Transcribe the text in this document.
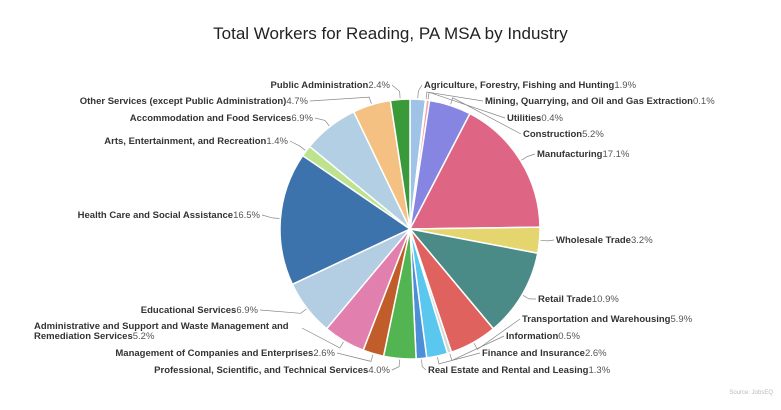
Total Workers for Reading, PA MSA by Industry
Agriculture, Forestry, Fishing and Hunting1.9%
Mining, Quarrying, and Oil and Gas Extraction0.1%
Utilities0.4%
Construction5.2%
Manufacturing17.1%
Wholesale Trade3.2%
Retail Trade10.9%
Transportation and Warehousing5.9%
Information0.5%
Finance and Insurance2.6%
Real Estate and Rental and Leasing1.3%
Professional, Scientific, and Technical Services4.0%
Management of Companies and Enterprises2.6%
Administrative and Support and Waste Management and Remediation Services5.2%
Educational Services6.9%
Health Care and Social Assistance16.5%
Arts, Entertainment, and Recreation1.4%
Accommodation and Food Services6.9%
Other Services (except Public Administration)4.7%
Public Administration2.4%
Source: JobsEQ
